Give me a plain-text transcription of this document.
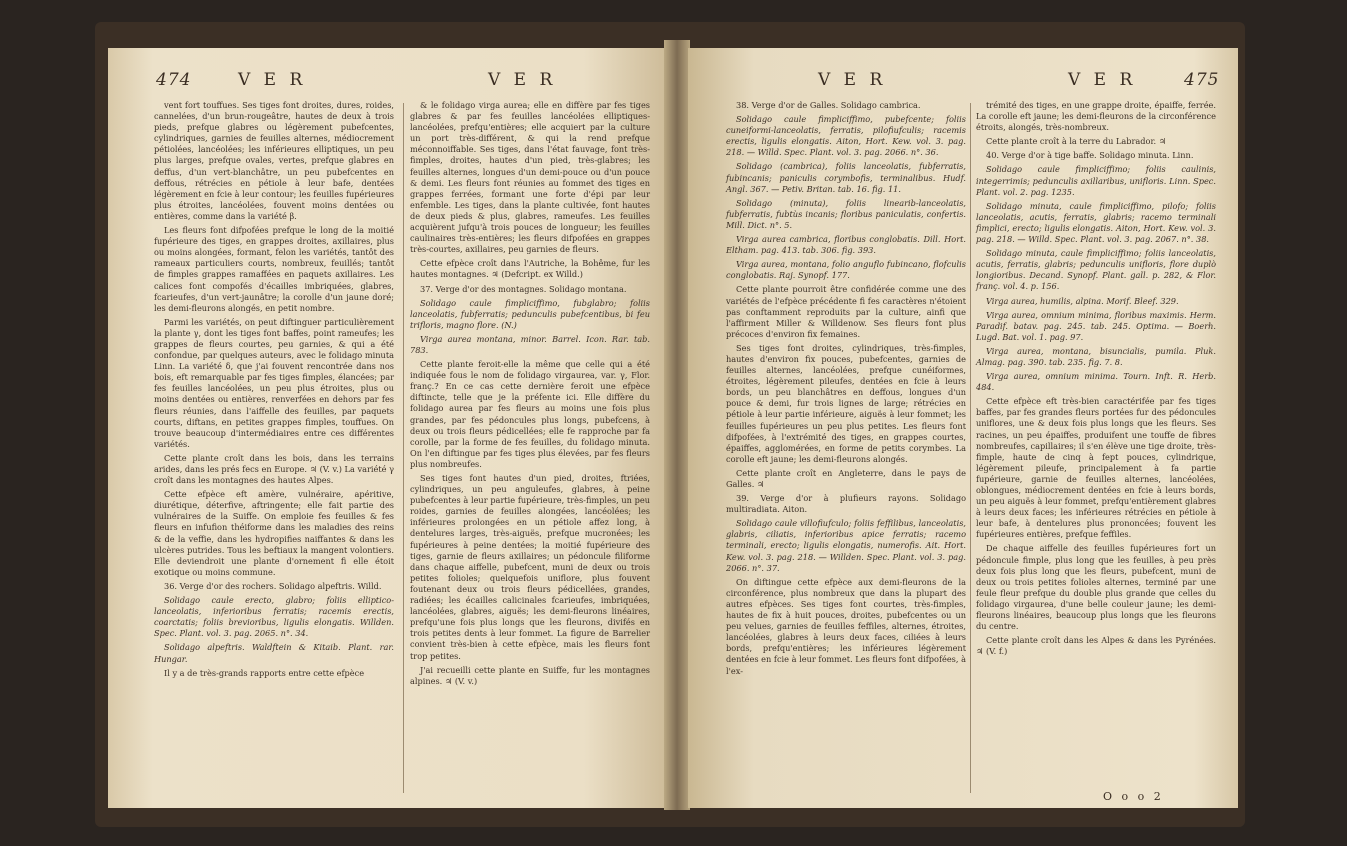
474	V E R	V E R

vent fort touffues. Ses tiges font droites, dures, roides, cannelées, d'un brun-rougeâtre, hautes de deux à trois pieds, prefque glabres ou légèrement pubefcentes, cylindriques, garnies de feuilles alternes, médiocrement pétiolées, lancéolées; les inférieures elliptiques, un peu plus larges, prefque ovales, vertes, prefque glabres en deffus, d'un vert-blanchâtre, un peu pubefcentes en deffous, rétrécies en pétiole à leur bafe, dentées légèrement en fcie à leur contour; les feuilles fupérieures plus étroites, lancéolées, fouvent moins dentées ou entières, comme dans la variété β.

Les fleurs font difpofées prefque le long de la moitié fupérieure des tiges, en grappes droites, axillaires, plus ou moins alongées, formant, felon les variétés, tantôt des rameaux particuliers courts, nombreux, feuillés; tantôt de fimples grappes ramaffées en paquets axillaires. Les calices font compofés d'écailles imbriquées, glabres, fcarieufes, d'un vert-jaunâtre; la corolle d'un jaune doré; les demi-fleurons alongés, en petit nombre.

Parmi les variétés, on peut diftinguer particulièrement la plante γ, dont les tiges font baffes, point rameufes; les grappes de fleurs courtes, peu garnies, & qui a été confondue, par quelques auteurs, avec le folidago minuta Linn. La variété δ, que j'ai fouvent rencontrée dans nos bois, eft remarquable par fes tiges fimples, élancées; par fes feuilles lancéolées, un peu plus étroites, plus ou moins dentées ou entières, renverfées en dehors par fes fleurs réunies, dans l'aiffelle des feuilles, par paquets courts, diftans, en petites grappes fimples, touffues. On trouve beaucoup d'intermédiaires entre ces différentes variétés.

Cette plante croît dans les bois, dans les terrains arides, dans les prés fecs en Europe. ♃ (V. v.) La variété γ croît dans les montagnes des hautes Alpes.

Cette efpèce eft amère, vulnéraire, apéritive, diurétique, déterfive, aftringente; elle fait partie des vulnéraires de la Suiffe. On emploie fes feuilles & fes fleurs en infufion théiforme dans les maladies des reins & de la veffie, dans les hydropifies naiffantes & dans les ulcères putrides. Tous les beftiaux la mangent volontiers. Elle deviendroit une plante d'ornement fi elle étoit exotique ou moins commune.

36. Verge d'or des rochers. Solidago alpeftris. Willd.

Solidago caule erecto, glabro; foliis elliptico-lanceolatis, inferioribus ferratis; racemis erectis, coarctatis; foliis brevioribus, ligulis elongatis. Willden. Spec. Plant. vol. 3. pag. 2065. n°. 34.

Solidago alpeftris. Waldftein & Kitaib. Plant. rar. Hungar.

Il y a de très-grands rapports entre cette efpèce

& le folidago virga aurea; elle en diffère par fes tiges glabres & par fes feuilles lancéolées elliptiques-lancéolées, prefqu'entières; elle acquiert par la culture un port très-différent, & qui la rend prefque méconnoiffable. Ses tiges, dans l'état fauvage, font très-fimples, droites, hautes d'un pied, très-glabres; les feuilles alternes, longues d'un demi-pouce ou d'un pouce & demi. Les fleurs font réunies au fommet des tiges en grappes ferrées, formant une forte d'épi par leur enfemble. Les tiges, dans la plante cultivée, font hautes de deux pieds & plus, glabres, rameufes. Les feuilles acquièrent jufqu'à trois pouces de longueur; les feuilles caulinaires très-entières; les fleurs difpofées en grappes très-courtes, axillaires, peu garnies de fleurs.

Cette efpèce croît dans l'Autriche, la Bohême, fur les hautes montagnes. ♃ (Defcript. ex Willd.)

37. Verge d'or des montagnes. Solidago montana.

Solidago caule fimpliciffimo, fubglabro; foliis lanceolatis, fubferratis; pedunculis pubefcentibus, bi feu trifloris, magno flore. (N.)

Virga aurea montana, minor. Barrel. Icon. Rar. tab. 783.

Cette plante feroit-elle la même que celle qui a été indiquée fous le nom de folidago virgaurea, var. γ, Flor. franç.? En ce cas cette dernière feroit une efpèce diftincte, telle que je la préfente ici. Elle diffère du folidago aurea par fes fleurs au moins une fois plus grandes, par fes pédoncules plus longs, pubefcens, à deux ou trois fleurs pédicellées; elle fe rapproche par fa corolle, par la forme de fes feuilles, du folidago minuta. On l'en diftingue par fes tiges plus élevées, par fes fleurs plus nombreufes.

Ses tiges font hautes d'un pied, droites, ftriées, cylindriques, un peu anguleufes, glabres, à peine pubefcentes à leur partie fupérieure, très-fimples, un peu roides, garnies de feuilles alongées, lancéolées; les inférieures prolongées en un pétiole affez long, à dentelures larges, très-aiguës, prefque mucronées; les fupérieures à peine dentées; la moitié fupérieure des tiges, garnie de fleurs axillaires; un pédoncule filiforme dans chaque aiffelle, pubefcent, muni de deux ou trois petites folioles; quelquefois uniflore, plus fouvent foutenant deux ou trois fleurs pédicellées, grandes, radiées; les écailles calicinales fcarieufes, imbriquées, lancéolées, glabres, aiguës; les demi-fleurons linéaires, prefqu'une fois plus longs que les fleurons, divifés en trois petites dents à leur fommet. La figure de Barrelier convient très-bien à cette efpèce, mais les fleurs font trop petites.

J'ai recueilli cette plante en Suiffe, fur les montagnes alpines. ♃ (V. v.)

V E R	V E R	475

38. Verge d'or de Galles. Solidago cambrica.

Solidago caule fimpliciffimo, pubefcente; foliis cuneiformi-lanceolatis, ferratis, pilofiufculis; racemis erectis, ligulis elongatis. Aiton, Hort. Kew. vol. 3. pag. 218. — Willd. Spec. Plant. vol. 3. pag. 2066. n°. 36.

Solidago (cambrica), foliis lanceolatis, fubferratis, fubincanis; paniculis corymbofis, terminalibus. Hudf. Angl. 367. — Petiv. Britan. tab. 16. fig. 11.

Solidago (minuta), foliis linearib-lanceolatis, fubferratis, fubtùs incanis; floribus paniculatis, confertis. Mill. Dict. n°. 5.

Virga aurea cambrica, floribus conglobatis. Dill. Hort. Eltham. pag. 413. tab. 306. fig. 393.

Virga aurea, montana, folio anguflo fubincano, flofculis conglobatis. Raj. Synopf. 177.

Cette plante pourroit être confidérée comme une des variétés de l'efpèce précédente fi fes caractères n'étoient pas conftamment reproduits par la culture, ainfi que l'affirment Miller & Willdenow. Ses fleurs font plus précoces d'environ fix femaines.

Ses tiges font droites, cylindriques, très-fimples, hautes d'environ fix pouces, pubefcentes, garnies de feuilles alternes, lancéolées, prefque cunéiformes, étroites, légèrement pileufes, dentées en fcie à leurs bords, un peu blanchâtres en deffous, longues d'un pouce & demi, fur trois lignes de large; rétrécies en pétiole à leur partie inférieure, aiguës à leur fommet; les feuilles fupérieures un peu plus petites. Les fleurs font difpofées, à l'extrémité des tiges, en grappes courtes, épaiffes, agglomérées, en forme de petits corymbes. La corolle eft jaune; les demi-fleurons alongés.

Cette plante croît en Angleterre, dans le pays de Galles. ♃

39. Verge d'or à plufieurs rayons. Solidago multiradiata. Aiton.

Solidago caule villofiufculo; foliis feffilibus, lanceolatis, glabris, ciliatis, inferioribus apice ferratis; racemo terminali, erecto; ligulis elongatis, numerofis. Ait. Hort. Kew. vol. 3. pag. 218. — Willden. Spec. Plant. vol. 3. pag. 2066. n°. 37.

On diftingue cette efpèce aux demi-fleurons de la circonférence, plus nombreux que dans la plupart des autres efpèces. Ses tiges font courtes, très-fimples, hautes de fix à huit pouces, droites, pubefcentes ou un peu velues, garnies de feuilles feffiles, alternes, étroites, lancéolées, glabres à leurs deux faces, ciliées à leurs bords, prefqu'entières; les inférieures légèrement dentées en fcie à leur fommet. Les fleurs font difpofées, à l'ex-

trémité des tiges, en une grappe droite, épaiffe, ferrée. La corolle eft jaune; les demi-fleurons de la circonférence étroits, alongés, très-nombreux.

Cette plante croît à la terre du Labrador. ♃

40. Verge d'or à tige baffe. Solidago minuta. Linn.

Solidago caule fimpliciffimo; foliis caulinis, integerrimis; pedunculis axillaribus, unifloris. Linn. Spec. Plant. vol. 2. pag. 1235.

Solidago minuta, caule fimpliciffimo, pilofo; foliis lanceolatis, acutis, ferratis, glabris; racemo terminali fimplici, erecto; ligulis elongatis. Aiton, Hort. Kew. vol. 3. pag. 218. — Willd. Spec. Plant. vol. 3. pag. 2067. n°. 38.

Solidago minuta, caule fimpliciffimo; foliis lanceolatis, acutis, ferratis, glabris; pedunculis unifloris, flore duplò longioribus. Decand. Synopf. Plant. gall. p. 282, & Flor. franç. vol. 4. p. 156.

Virga aurea, humilis, alpina. Morif. Bleef. 329.

Virga aurea, omnium minima, floribus maximis. Herm. Paradif. batav. pag. 245. tab. 245. Optima. — Boerh. Lugd. Bat. vol. 1. pag. 97.

Virga aurea, montana, bisuncialis, pumila. Pluk. Almag. pag. 390. tab. 235. fig. 7. 8.

Virga aurea, omnium minima. Tourn. Inft. R. Herb. 484.

Cette efpèce eft très-bien caractérifée par fes tiges baffes, par fes grandes fleurs portées fur des pédoncules uniflores, une & deux fois plus longs que les fleurs. Ses racines, un peu épaiffes, produifent une touffe de fibres nombreufes, capillaires; il s'en élève une tige droite, très-fimple, haute de cinq à fept pouces, cylindrique, légèrement pileufe, principalement à fa partie fupérieure, garnie de feuilles alternes, lancéolées, oblongues, médiocrement dentées en fcie à leurs bords, un peu aiguës à leur fommet, prefqu'entièrement glabres à leurs deux faces; les inférieures rétrécies en pétiole à leur bafe, à dentelures plus prononcées; fouvent les fupérieures entières, prefque feffiles.

De chaque aiffelle des feuilles fupérieures fort un pédoncule fimple, plus long que les feuilles, à peu près deux fois plus long que les fleurs, pubefcent, muni de deux ou trois petites folioles alternes, terminé par une feule fleur prefque du double plus grande que celles du folidago virgaurea, d'une belle couleur jaune; les demi-fleurons linéaires, beaucoup plus longs que les fleurons du centre.

Cette plante croît dans les Alpes & dans les Pyrénées. ♃ (V. f.)

O o o 2
